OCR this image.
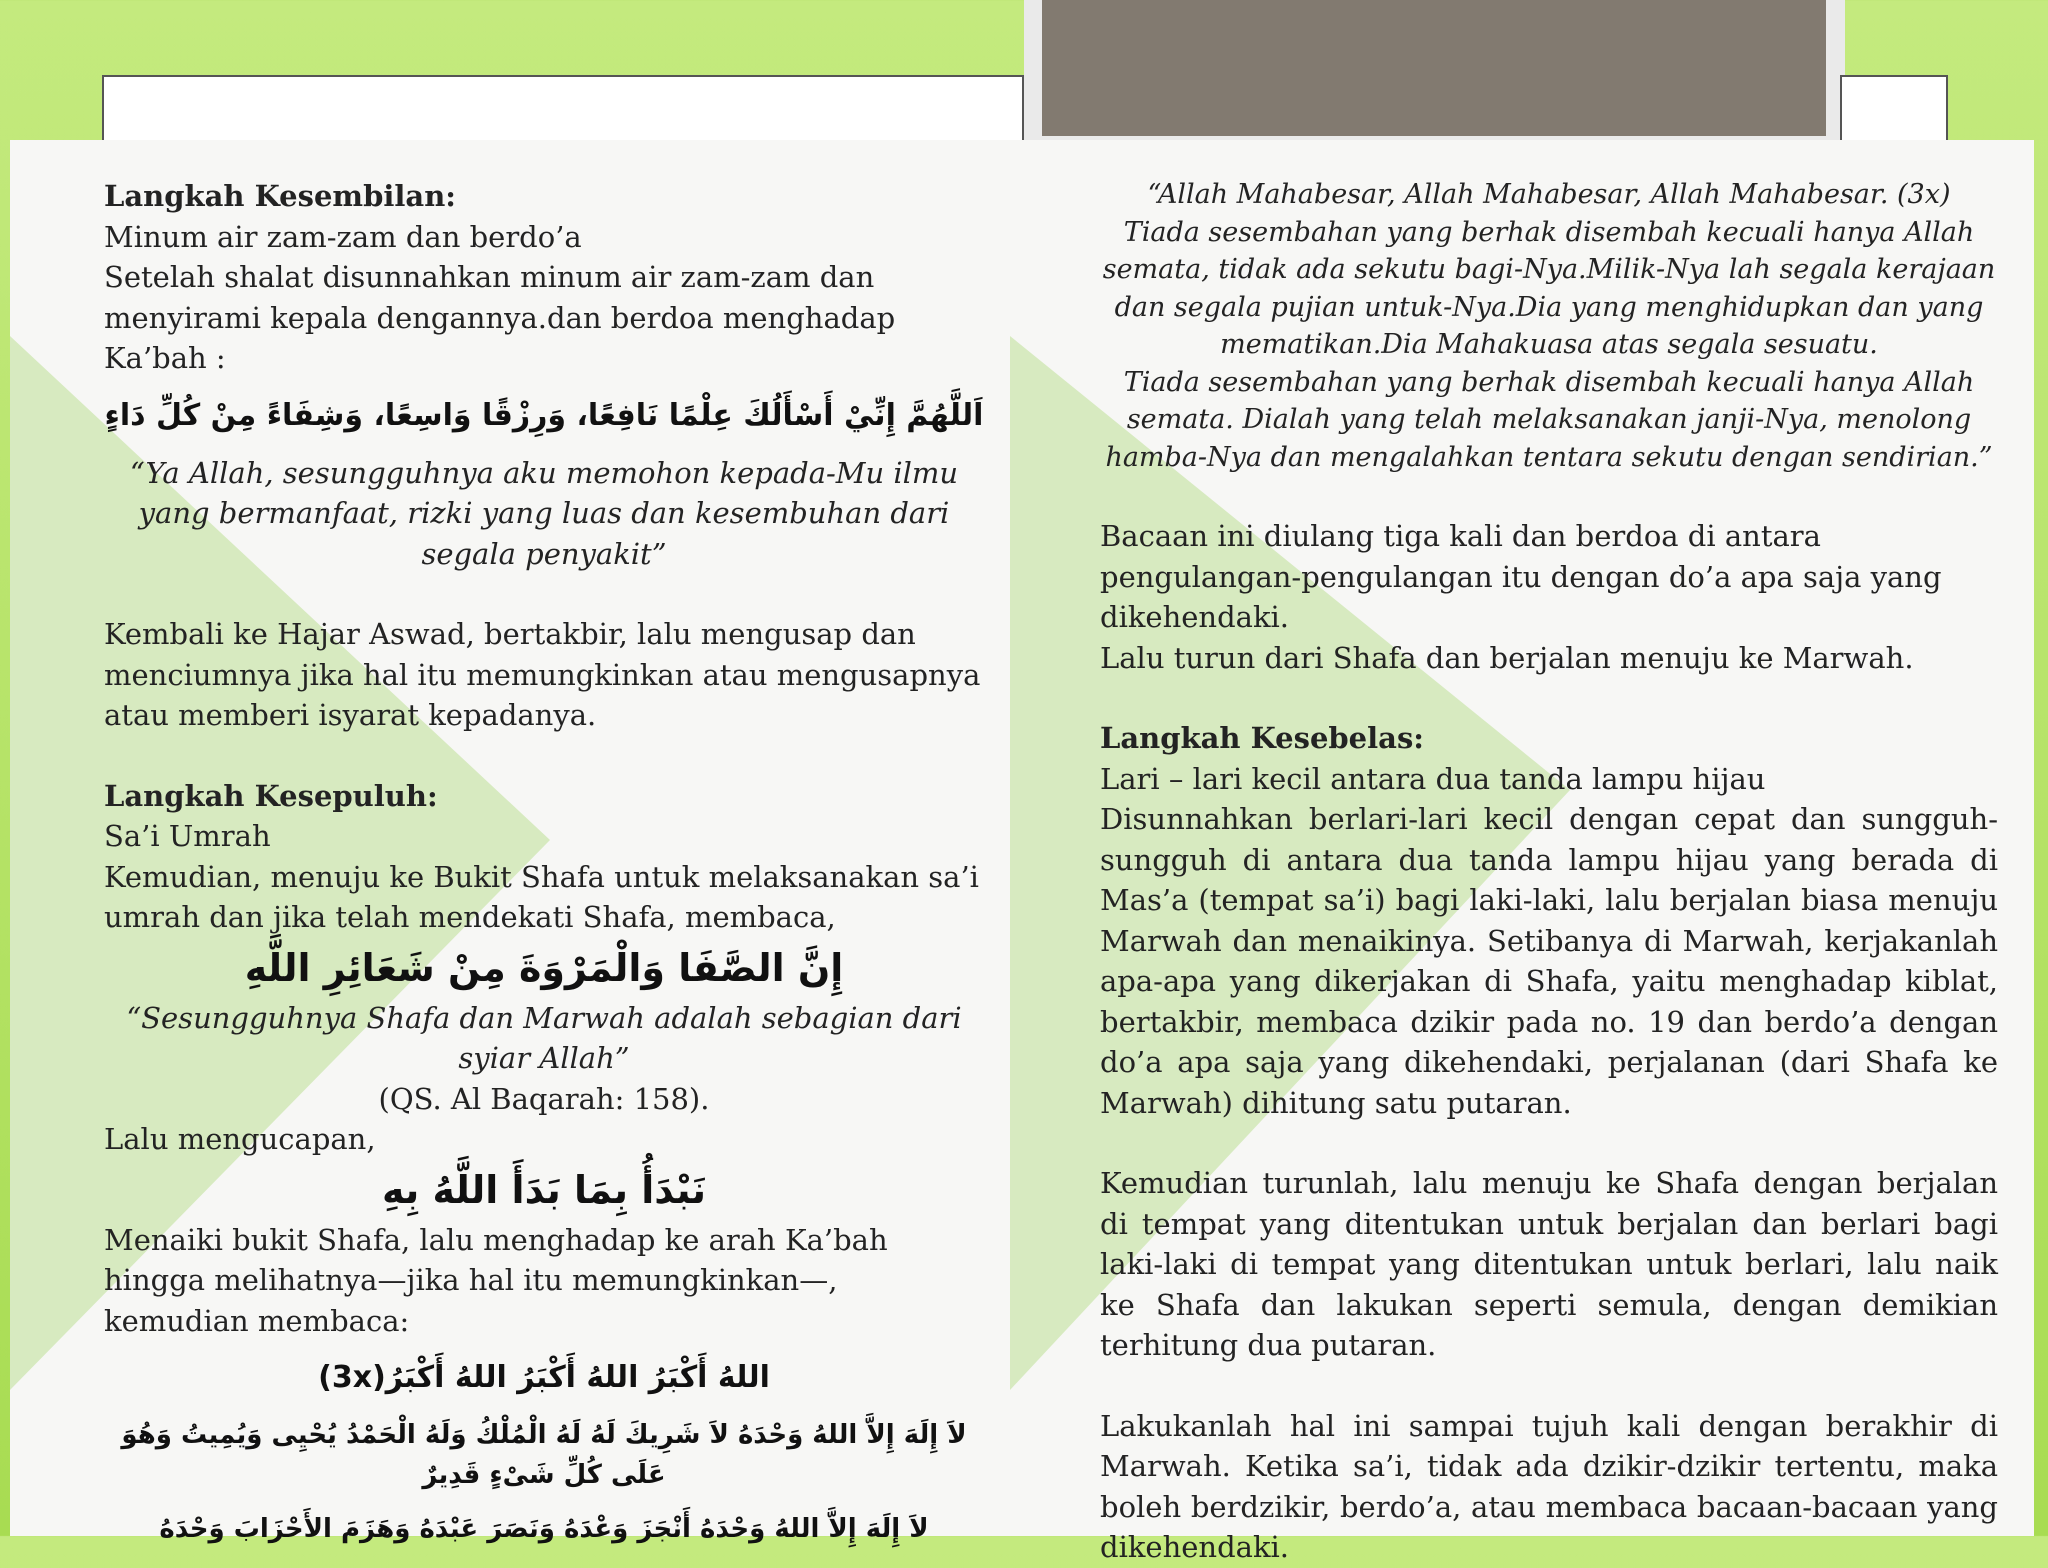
Langkah Kesembilan:

Minum air zam-zam dan berdo’a

Setelah shalat disunnahkan minum air zam-zam dan menyirami kepala dengannya.dan berdoa menghadap Ka’bah :

اَللَّهُمَّ إِنِّيْ أَسْأَلُكَ عِلْمًا نَافِعًا، وَرِزْقًا وَاسِعًا، وَشِفَاءً مِنْ كُلِّ دَاءٍ

“Ya Allah, sesungguhnya aku memohon kepada-Mu ilmu yang bermanfaat, rizki yang luas dan kesembuhan dari segala penyakit”

Kembali ke Hajar Aswad, bertakbir, lalu mengusap dan menciumnya jika hal itu memungkinkan atau mengusapnya atau memberi isyarat kepadanya.

Langkah Kesepuluh:

Sa’i Umrah

Kemudian, menuju ke Bukit Shafa untuk melaksanakan sa’i umrah dan jika telah mendekati Shafa, membaca,

إِنَّ الصَّفَا وَالْمَرْوَةَ مِنْ شَعَائِرِ اللَّهِ

“Sesungguhnya Shafa dan Marwah adalah sebagian dari syiar Allah”

(QS. Al Baqarah: 158).

Lalu mengucapan,

نَبْدَأُ بِمَا بَدَأَ اللَّهُ بِهِ

Menaiki bukit Shafa, lalu menghadap ke arah Ka’bah hingga melihatnya—jika hal itu memungkinkan—, kemudian membaca:

اللهُ أَكْبَرُ اللهُ أَكْبَرُ اللهُ أَكْبَرُ(3x)

لاَ إِلَهَ إِلاَّ اللهُ وَحْدَهُ لاَ شَرِيكَ لَهُ لَهُ الْمُلْكُ وَلَهُ الْحَمْدُ يُحْيِى وَيُمِيتُ وَهُوَ عَلَى كُلِّ شَىْءٍ قَدِيرٌ

لاَ إِلَهَ إِلاَّ اللهُ وَحْدَهُ أَنْجَزَ وَعْدَهُ وَنَصَرَ عَبْدَهُ وَهَزَمَ الأَحْزَابَ وَحْدَهُ

“Allah Mahabesar, Allah Mahabesar, Allah Mahabesar. (3x)

Tiada sesembahan yang berhak disembah kecuali hanya Allah semata, tidak ada sekutu bagi-Nya.Milik-Nya lah segala kerajaan dan segala pujian untuk-Nya.Dia yang menghidupkan dan yang mematikan.Dia Mahakuasa atas segala sesuatu.

Tiada sesembahan yang berhak disembah kecuali hanya Allah semata. Dialah yang telah melaksanakan janji-Nya, menolong hamba-Nya dan mengalahkan tentara sekutu dengan sendirian.”

Bacaan ini diulang tiga kali dan berdoa di antara pengulangan-pengulangan itu dengan do’a apa saja yang dikehendaki.

Lalu turun dari Shafa dan berjalan menuju ke Marwah.

Langkah Kesebelas:

Lari – lari kecil antara dua tanda lampu hijau

Disunnahkan berlari-lari kecil dengan cepat dan sungguh-sungguh di antara dua tanda lampu hijau yang berada di Mas’a (tempat sa’i) bagi laki-laki, lalu berjalan biasa menuju Marwah dan menaikinya. Setibanya di Marwah, kerjakanlah apa-apa yang dikerjakan di Shafa, yaitu menghadap kiblat, bertakbir, membaca dzikir pada no. 19 dan berdo’a dengan do’a apa saja yang dikehendaki, perjalanan (dari Shafa ke Marwah) dihitung satu putaran.

Kemudian turunlah, lalu menuju ke Shafa dengan berjalan di tempat yang ditentukan untuk berjalan dan berlari bagi laki-laki di tempat yang ditentukan untuk berlari, lalu naik ke Shafa dan lakukan seperti semula, dengan demikian terhitung dua putaran.

Lakukanlah hal ini sampai tujuh kali dengan berakhir di Marwah. Ketika sa’i, tidak ada dzikir-dzikir tertentu, maka boleh berdzikir, berdo’a, atau membaca bacaan-bacaan yang dikehendaki.
